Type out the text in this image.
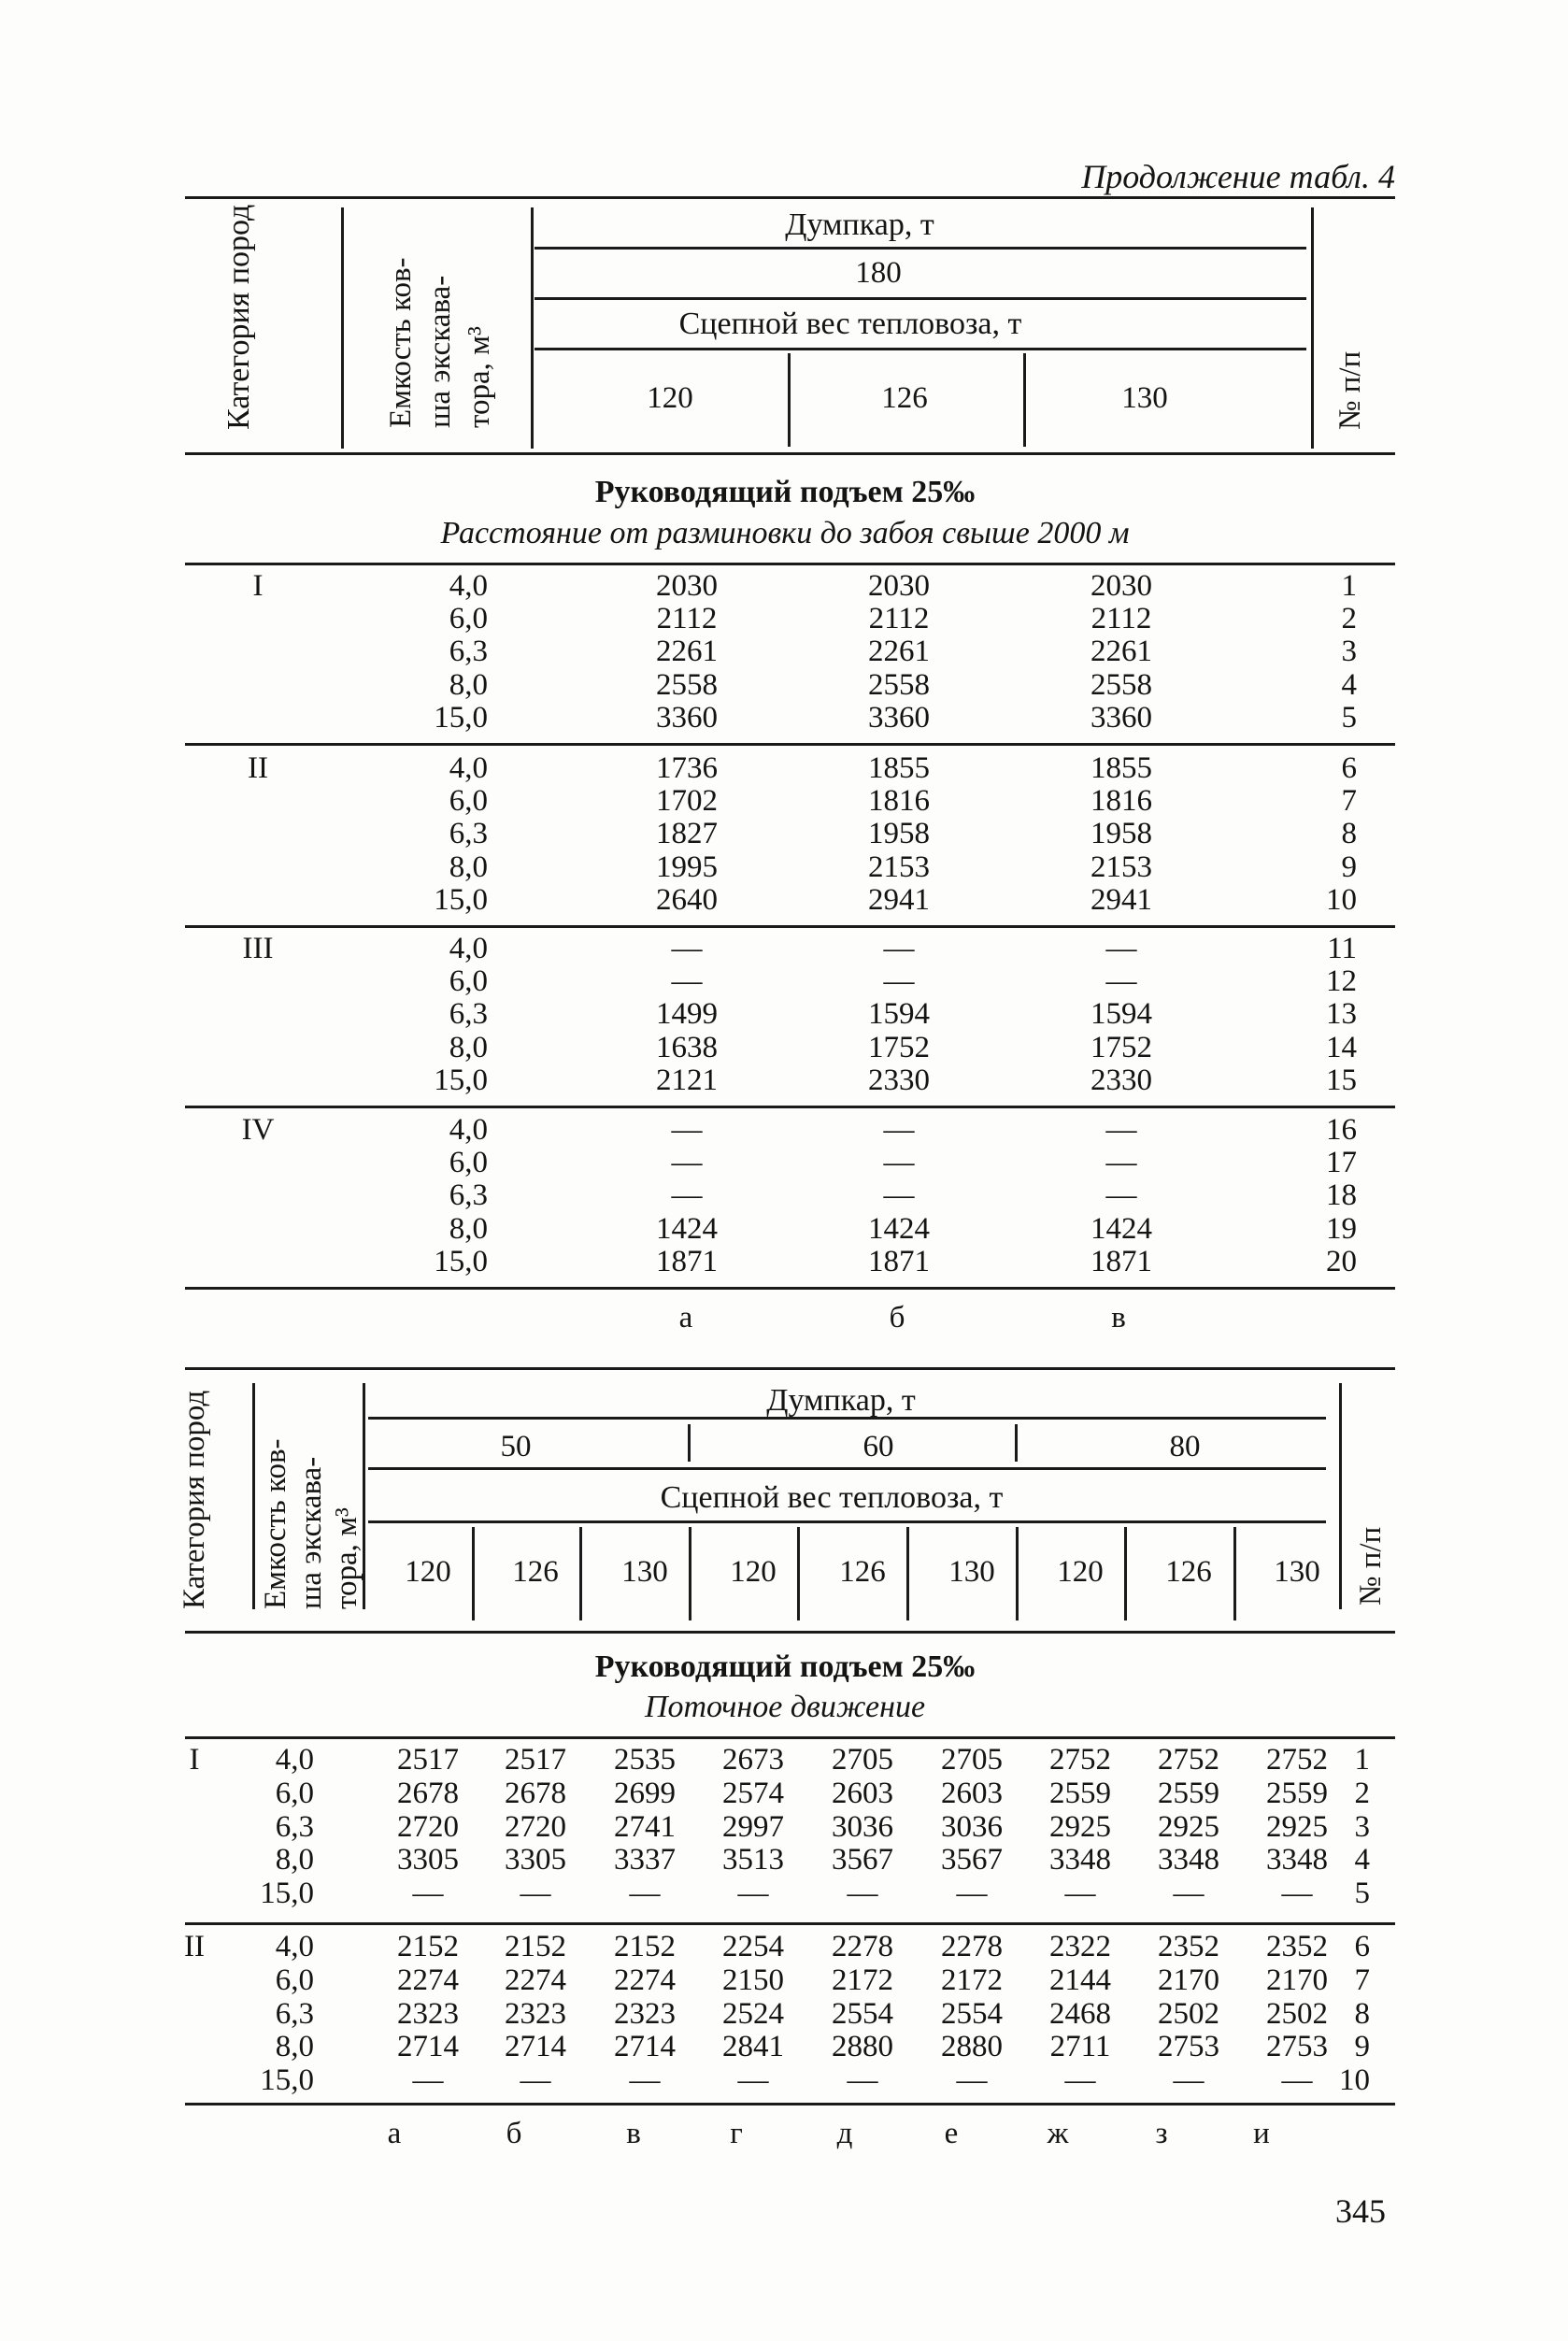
Продолжение табл. 4
Категория пород	Емкость ков- ша экскава- тора, м³
Думпкар, т
180
Сцепной вес тепловоза, т
120	126	130	№ п/п
Руководящий подъем 25‰
Расстояние от разминовки до забоя свыше 2000 м
I	4,0	2030	2030	2030	1
6,0	2112	2112	2112	2
6,3	2261	2261	2261	3
8,0	2558	2558	2558	4
15,0	3360	3360	3360	5
II	4,0	1736	1855	1855	6
6,0	1702	1816	1816	7
6,3	1827	1958	1958	8
8,0	1995	2153	2153	9
15,0	2640	2941	2941	10
III	4,0	—	—	—	11
6,0	—	—	—	12
6,3	1499	1594	1594	13
8,0	1638	1752	1752	14
15,0	2121	2330	2330	15
IV	4,0	—	—	—	16
6,0	—	—	—	17
6,3	—	—	—	18
8,0	1424	1424	1424	19
15,0	1871	1871	1871	20
а	б	в
Категория пород Емкость ков- ша экскава- тора, м³
Думпкар, т
50	60	80
Сцепной вес тепловоза, т
120 126 130 120 126 130 120 126 130 № п/п
Руководящий подъем 25‰
Поточное движение
I 4,0	2517 2517 2535 2673 2705 2705 2752 2752 2752 1
6,0	2678 2678 2699 2574 2603 2603 2559 2559 2559 2
6,3	2720 2720 2741 2997 3036 3036 2925 2925 2925 3
8,0	3305 3305 3337 3513 3567 3567 3348 3348 3348 4
15,0	— —	—	—	—	—	—	—	— 5
II 4,0	2152 2152 2152 2254 2278 2278 2322 2352 2352 6
6,0	2274 2274 2274 2150 2172 2172 2144 2170 2170 7
6,3	2323 2323 2323 2524 2554 2554 2468 2502 2502 8
8,0	2714 2714 2714 2841 2880 2880 2711 2753 2753 9
15,0	— —	—	—	—	—	—	—	— 10
а	б	в	г	д	е	ж	з	и
345
